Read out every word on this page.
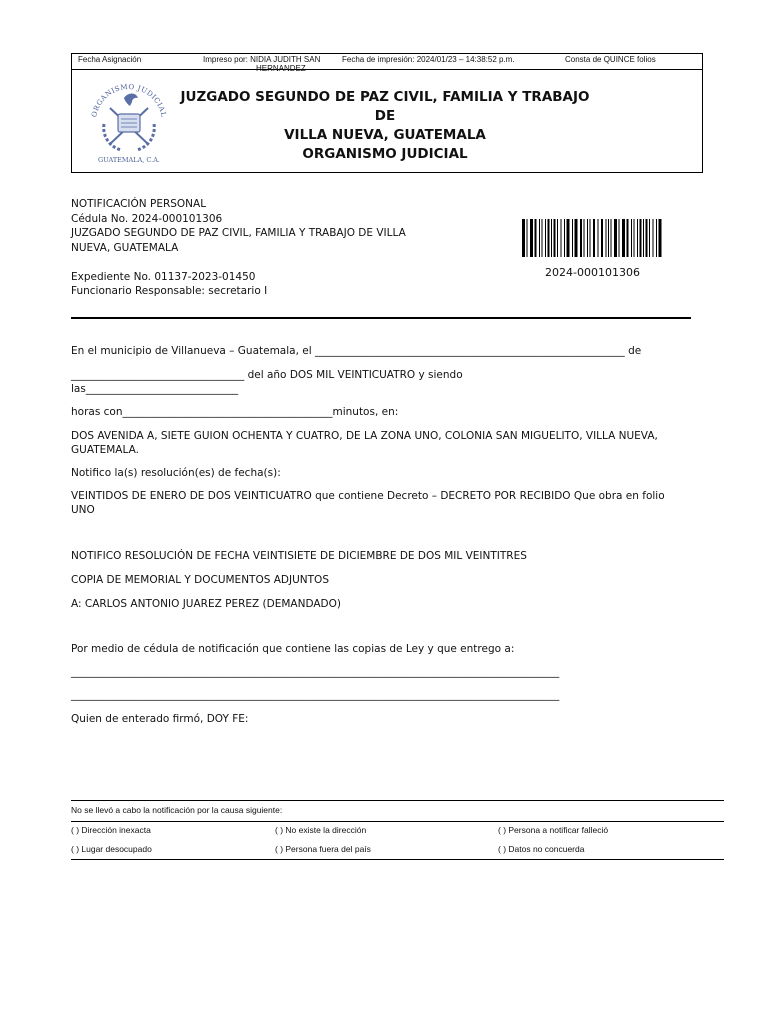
Fecha Asignación	Impreso por: NIDIA JUDITH SAN
HERNANDEZ
Fecha de impresión: 2024/01/23 – 14:38:52 p.m.	Consta de QUINCE folios
ORGANISMO JUDICIAL
GUATEMALA, C.A.
JUZGADO SEGUNDO DE PAZ CIVIL, FAMILIA Y TRABAJO DE
VILLA NUEVA, GUATEMALA
ORGANISMO JUDICIAL
NOTIFICACIÓN PERSONAL
Cédula No. 2024-000101306
JUZGADO SEGUNDO DE PAZ CIVIL, FAMILIA Y TRABAJO DE VILLA
NUEVA, GUATEMALA
Expediente No. 01137-2023-01450
Funcionario Responsable: secretario I
2024-000101306
En el municipio de Villanueva – Guatemala, el ___________________________________________________________ de
_________________________________ del año DOS MIL VEINTICUATRO y siendo
las_____________________________
horas con________________________________________minutos, en:
DOS AVENIDA A, SIETE GUION OCHENTA Y CUATRO, DE LA ZONA UNO, COLONIA SAN MIGUELITO, VILLA NUEVA,
GUATEMALA.
Notifico la(s) resolución(es) de fecha(s):
VEINTIDOS DE ENERO DE DOS VEINTICUATRO que contiene Decreto – DECRETO POR RECIBIDO Que obra en folio
UNO
NOTIFICO RESOLUCIÓN DE FECHA VEINTISIETE DE DICIEMBRE DE DOS MIL VEINTITRES
COPIA DE MEMORIAL Y DOCUMENTOS ADJUNTOS
A: CARLOS ANTONIO JUAREZ PEREZ (DEMANDADO)
Por medio de cédula de notificación que contiene las copias de Ley y que entrego a:
_____________________________________________________________________________________________
_____________________________________________________________________________________________
Quien de enterado firmó, DOY FE:
No se llevó a cabo la notificación por la causa siguiente:
( ) Dirección inexacta	( ) No existe la dirección	( ) Persona a notificar falleció
( ) Lugar desocupado	( ) Persona fuera del país	( ) Datos no concuerda
